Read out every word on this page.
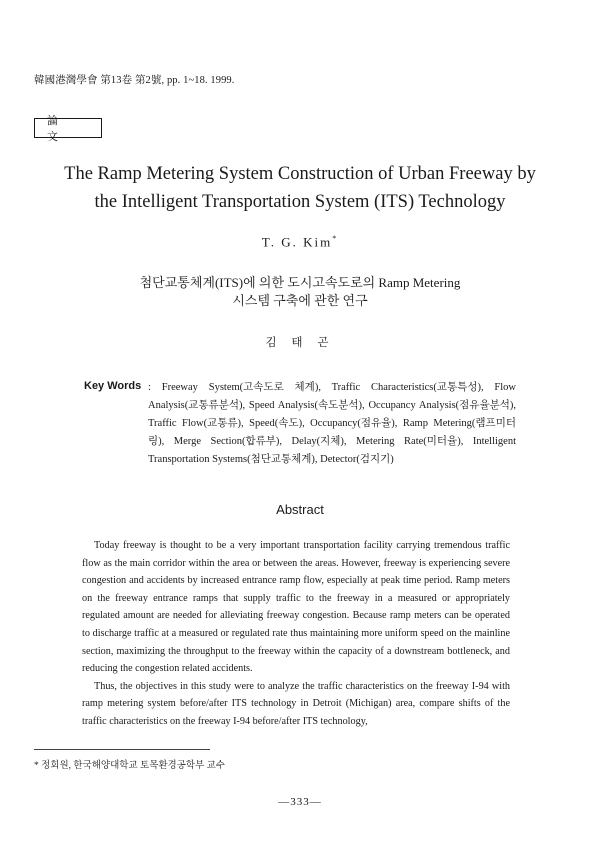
韓國港灣學會 第13卷 第2號, pp. 1~18. 1999.
論 文
The Ramp Metering System Construction of Urban Freeway by
the Intelligent Transportation System (ITS) Technology
T. G. Kim*
첨단교통체계(ITS)에 의한 도시고속도로의 Ramp Metering
시스템 구축에 관한 연구
김 태 곤
Key Words : Freeway System(고속도로 체계), Traffic Characteristics(교통특성), Flow Analysis(교통류분석), Speed Analysis(속도분석), Occupancy Analysis(점유율분석), Traffic Flow(교통류), Speed(속도), Occupancy(점유율), Ramp Metering(램프미터링), Merge Section(합류부), Delay(지체), Metering Rate(미터율), Intelligent Transportation Systems(첨단교통체계), Detector(검지기)
Abstract

Today freeway is thought to be a very important transportation facility carrying tremendous traffic flow as the main corridor within the area or between the areas. However, freeway is experiencing severe congestion and accidents by increased entrance ramp flow, especially at peak time period. Ramp meters on the freeway entrance ramps that supply traffic to the freeway in a measured or appropriately regulated amount are needed for alleviating freeway congestion. Because ramp meters can be operated to discharge traffic at a measured or regulated rate thus maintaining more uniform speed on the mainline section, maximizing the throughput to the freeway within the capacity of a downstream bottleneck, and reducing the congestion related accidents.

Thus, the objectives in this study were to analyze the traffic characteristics on the freeway I-94 with ramp metering system before/after ITS technology in Detroit (Michigan) area, compare shifts of the traffic characteristics on the freeway I-94 before/after ITS technology,

* 정회원, 한국해양대학교 토목환경공학부 교수
—333—
